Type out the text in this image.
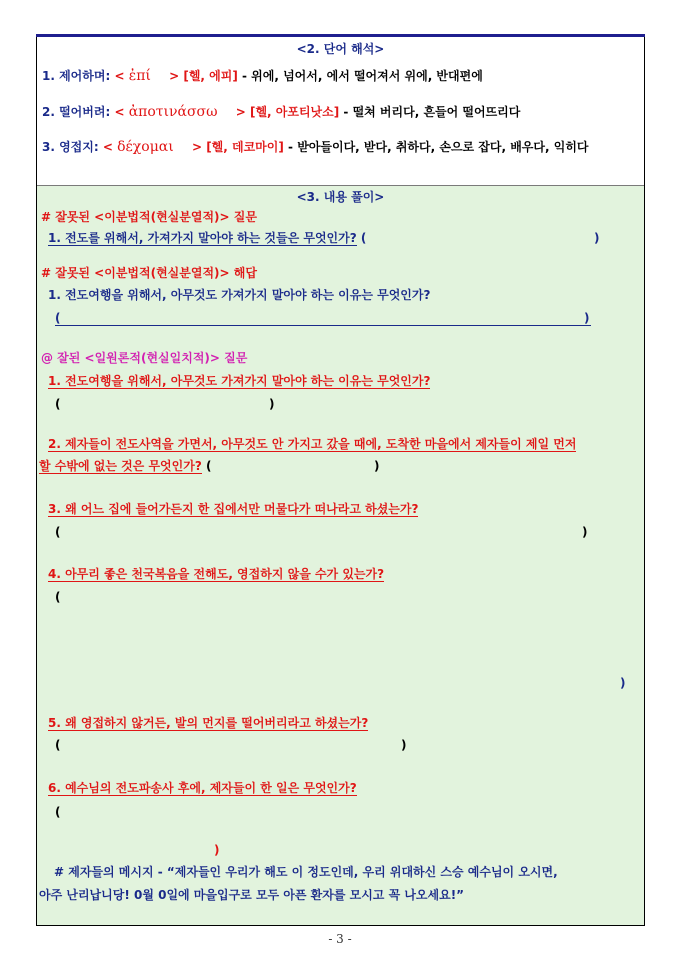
<2. 단어 해석>
1. 제어하며: < ἐπί > [헬, 에피] - 위에, 넘어서, 에서 떨어져서 위에, 반대편에
2. 떨어버려: < ἀποτινάσσω > [헬, 아포티낫소] - 떨쳐 버리다, 흔들어 떨어뜨리다
3. 영접지: < δέχομαι > [헬, 데코마이] - 받아들이다, 받다, 취하다, 손으로 잡다, 배우다, 익히다
<3. 내용 풀이>
# 잘못된 <이분법적(현실분열적)> 질문
1. 전도를 위해서, 가져가지 말아야 하는 것들은 무엇인가? (	)
# 잘못된 <이분법적(현실분열적)> 해답
1. 전도여행을 위해서, 아무것도 가져가지 말아야 하는 이유는 무엇인가?
(	)
@ 잘된 <일원론적(현실일치적)> 질문
1. 전도여행을 위해서, 아무것도 가져가지 말아야 하는 이유는 무엇인가?
(	)
2. 제자들이 전도사역을 가면서, 아무것도 안 가지고 갔을 때에, 도착한 마을에서 제자들이 제일 먼저
할 수밖에 없는 것은 무엇인가? (	)
3. 왜 어느 집에 들어가든지 한 집에서만 머물다가 떠나라고 하셨는가?
(	)
4. 아무리 좋은 천국복음을 전해도, 영접하지 않을 수가 있는가?
(
)
5. 왜 영접하지 않거든, 발의 먼지를 떨어버리라고 하셨는가?
(	)
6. 예수님의 전도파송사 후에, 제자들이 한 일은 무엇인가?
(
)
# 제자들의 메시지 - “제자들인 우리가 해도 이 정도인데, 우리 위대하신 스승 예수님이 오시면,
아주 난리납니당! 0월 0일에 마을입구로 모두 아픈 환자를 모시고 꼭 나오세요!”
- 3 -
